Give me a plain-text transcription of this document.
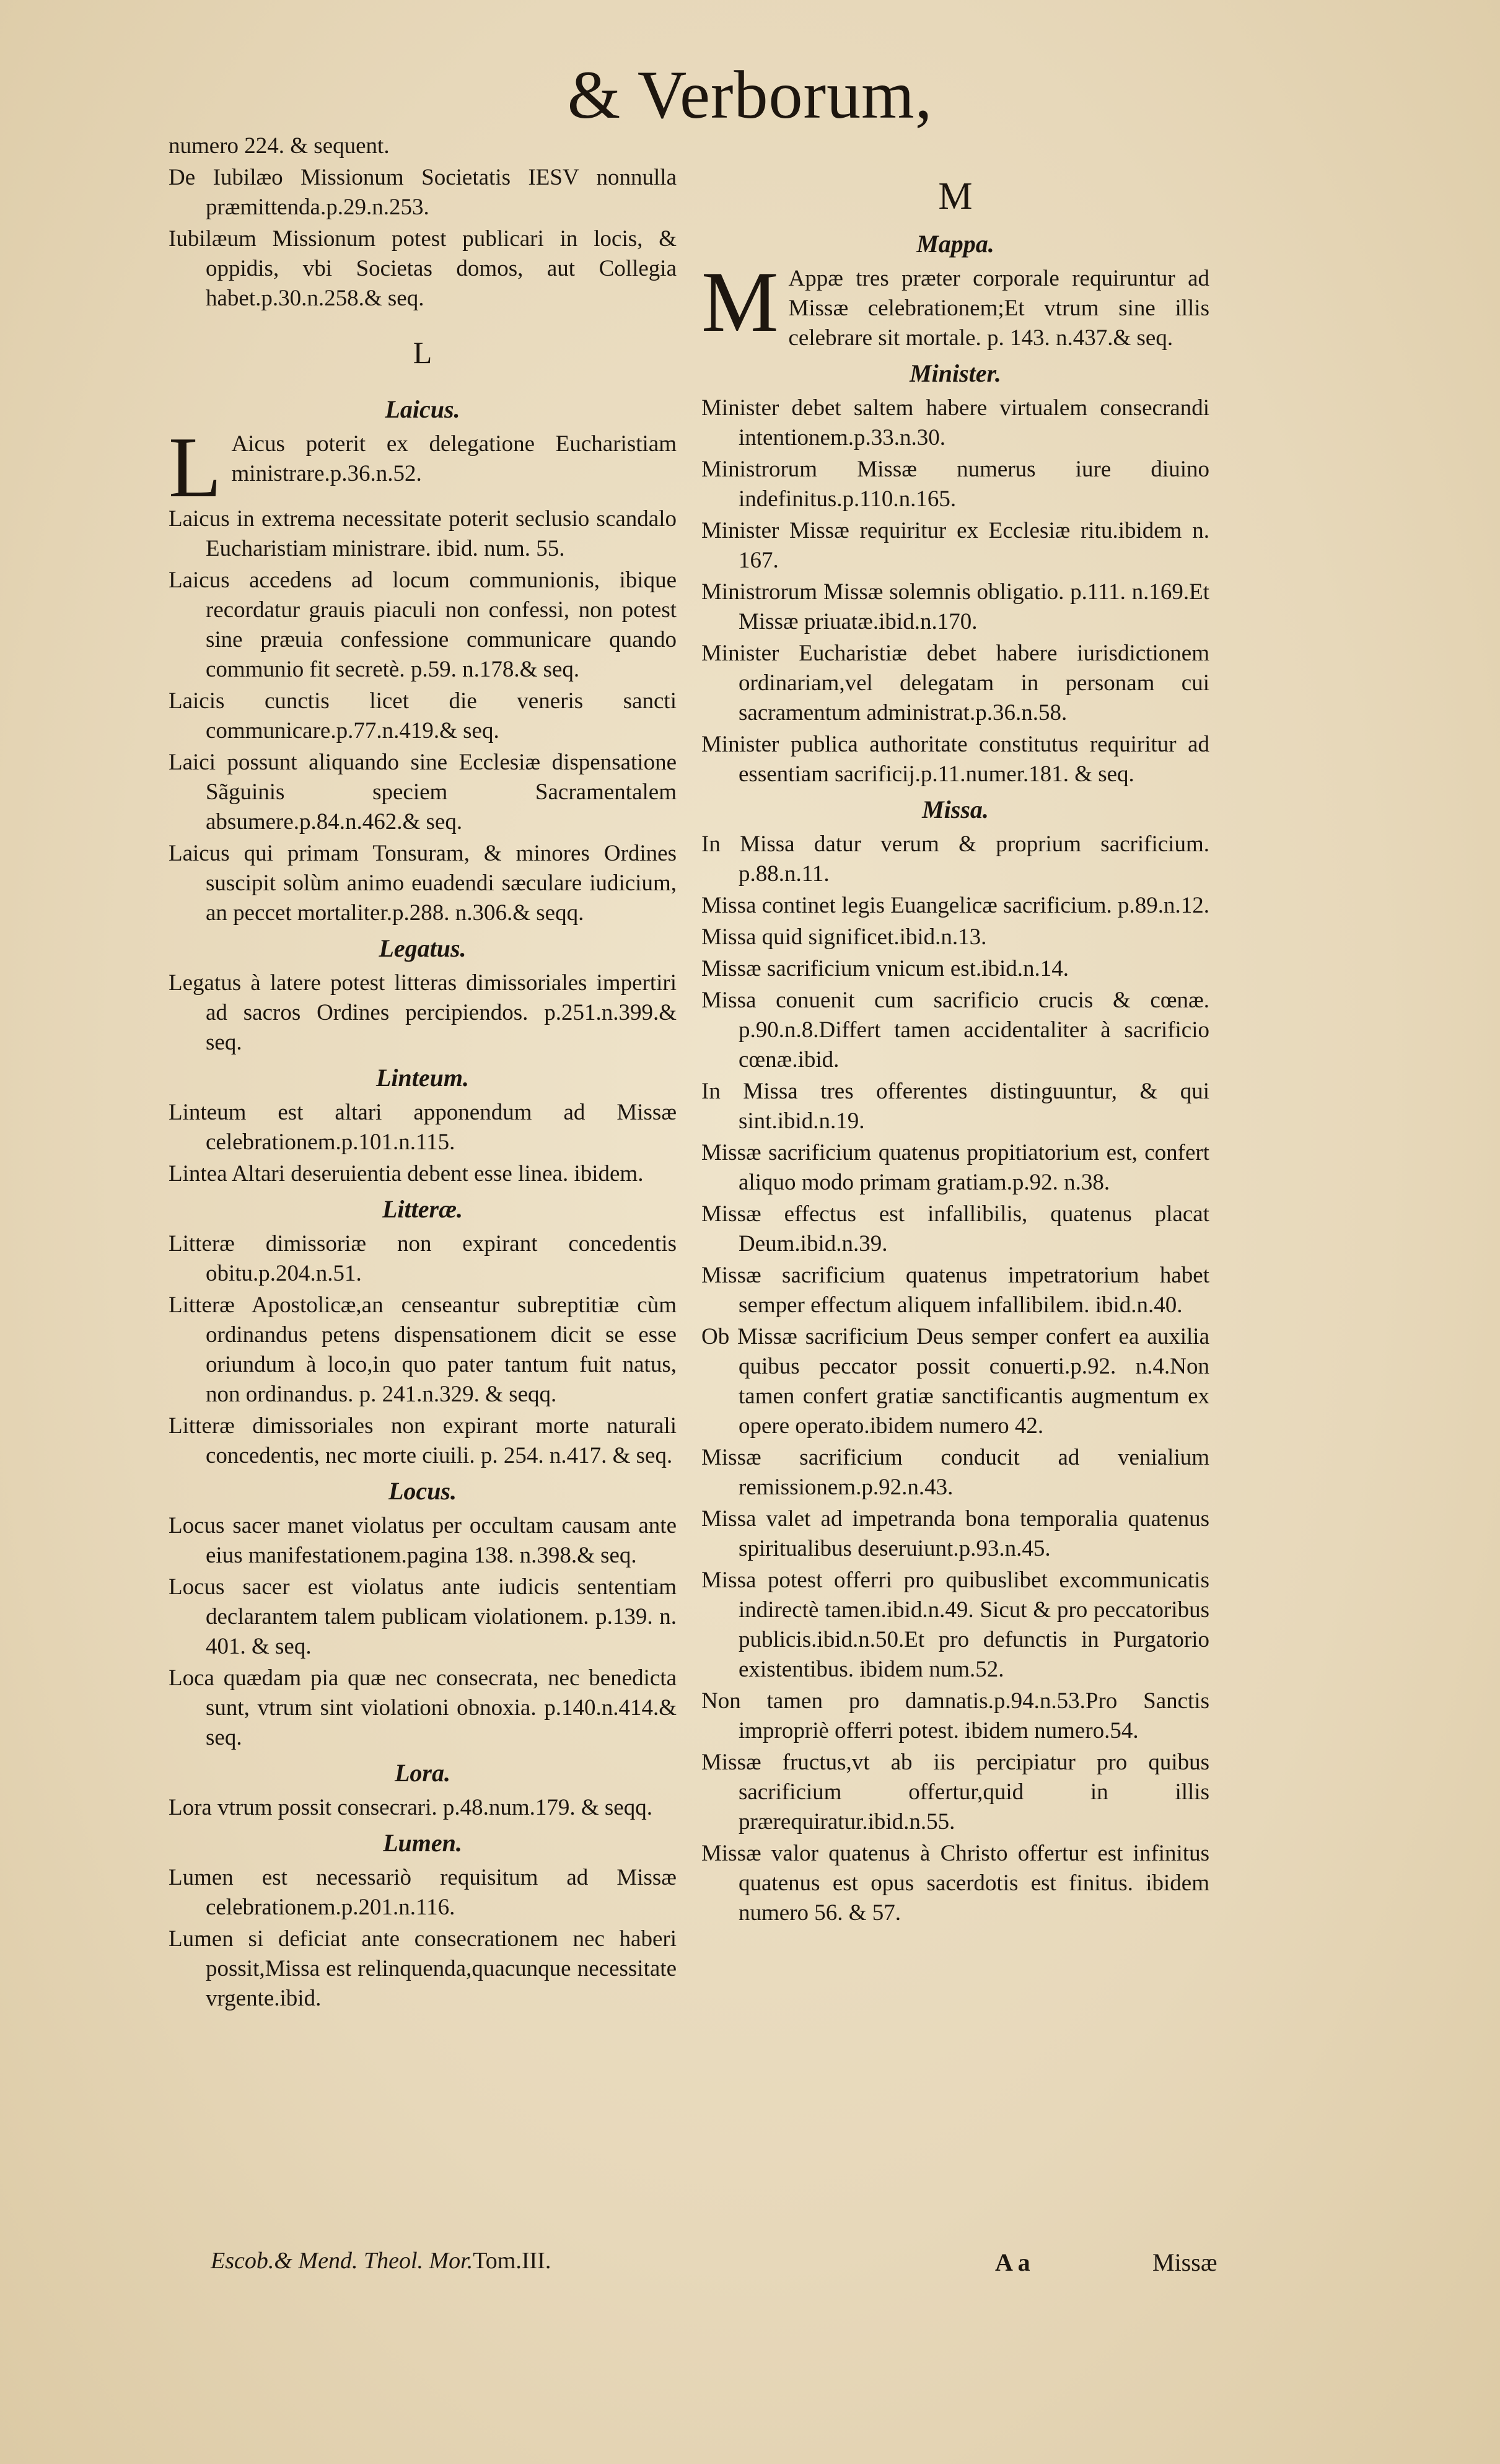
& Verborum,
numero 224. & sequent.
De Iubilæo Missionum Societatis IESV nonnulla præmittenda.p.29.n.253.
Iubilæum Missionum potest publicari in locis, & oppidis, vbi Societas domos, aut Collegia habet.p.30.n.258.& seq.
L
Laicus.
L Aicus poterit ex delegatione Eucharistiam ministrare.p.36.n.52.
Laicus in extrema necessitate poterit seclusio scandalo Eucharistiam ministrare. ibid. num. 55.
Laicus accedens ad locum communionis, ibique recordatur grauis piaculi non confessi, non potest sine præuia confessione communicare quando communio fit secretè. p.59. n.178.& seq.
Laicis cunctis licet die veneris sancti communicare.p.77.n.419.& seq.
Laici possunt aliquando sine Ecclesiæ dispensatione Sãguinis speciem Sacramentalem absumere.p.84.n.462.& seq.
Laicus qui primam Tonsuram, & minores Ordines suscipit solùm animo euadendi sæculare iudicium, an peccet mortaliter.p.288. n.306.& seqq.
Legatus.
Legatus à latere potest litteras dimissoriales impertiri ad sacros Ordines percipiendos. p.251.n.399.& seq.
Linteum.
Linteum est altari apponendum ad Missæ celebrationem.p.101.n.115.
Lintea Altari deseruientia debent esse linea. ibidem.
Litteræ.
Litteræ dimissoriæ non expirant concedentis obitu.p.204.n.51.
Litteræ Apostolicæ,an censeantur subreptitiæ cùm ordinandus petens dispensationem dicit se esse oriundum à loco,in quo pater tantum fuit natus, non ordinandus. p. 241.n.329. & seqq.
Litteræ dimissoriales non expirant morte naturali concedentis, nec morte ciuili. p. 254. n.417. & seq.
Locus.
Locus sacer manet violatus per occultam causam ante eius manifestationem.pagina 138. n.398.& seq.
Locus sacer est violatus ante iudicis sententiam declarantem talem publicam violationem. p.139. n. 401. & seq.
Loca quædam pia quæ nec consecrata, nec benedicta sunt, vtrum sint violationi obnoxia. p.140.n.414.& seq.
Lora.
Lora vtrum possit consecrari. p.48.num.179. & seqq.
Lumen.
Lumen est necessariò requisitum ad Missæ celebrationem.p.201.n.116.
Lumen si deficiat ante consecrationem nec haberi possit,Missa est relinquenda,quacunque necessitate vrgente.ibid.
M
Mappa.
M Appæ tres præter corporale requiruntur ad Missæ celebrationem;Et vtrum sine illis celebrare sit mortale. p. 143. n.437.& seq.
Minister.
Minister debet saltem habere virtualem consecrandi intentionem.p.33.n.30.
Ministrorum Missæ numerus iure diuino indefinitus.p.110.n.165.
Minister Missæ requiritur ex Ecclesiæ ritu.ibidem n. 167.
Ministrorum Missæ solemnis obligatio. p.111. n.169.Et Missæ priuatæ.ibid.n.170.
Minister Eucharistiæ debet habere iurisdictionem ordinariam,vel delegatam in personam cui sacramentum administrat.p.36.n.58.
Minister publica authoritate constitutus requiritur ad essentiam sacrificij.p.11.numer.181. & seq.
Missa.
In Missa datur verum & proprium sacrificium. p.88.n.11.
Missa continet legis Euangelicæ sacrificium. p.89.n.12.
Missa quid significet.ibid.n.13.
Missæ sacrificium vnicum est.ibid.n.14.
Missa conuenit cum sacrificio crucis & cœnæ. p.90.n.8.Differt tamen accidentaliter à sacrificio cœnæ.ibid.
In Missa tres offerentes distinguuntur, & qui sint.ibid.n.19.
Missæ sacrificium quatenus propitiatorium est, confert aliquo modo primam gratiam.p.92. n.38.
Missæ effectus est infallibilis, quatenus placat Deum.ibid.n.39.
Missæ sacrificium quatenus impetratorium habet semper effectum aliquem infallibilem. ibid.n.40.
Ob Missæ sacrificium Deus semper confert ea auxilia quibus peccator possit conuerti.p.92. n.4.Non tamen confert gratiæ sanctificantis augmentum ex opere operato.ibidem numero 42.
Missæ sacrificium conducit ad venialium remissionem.p.92.n.43.
Missa valet ad impetranda bona temporalia quatenus spiritualibus deseruiunt.p.93.n.45.
Missa potest offerri pro quibuslibet excommunicatis indirectè tamen.ibid.n.49. Sicut & pro peccatoribus publicis.ibid.n.50.Et pro defunctis in Purgatorio existentibus. ibidem num.52.
Non tamen pro damnatis.p.94.n.53.Pro Sanctis impropriè offerri potest. ibidem numero.54.
Missæ fructus,vt ab iis percipiatur pro quibus sacrificium offertur,quid in illis prærequiratur.ibid.n.55.
Missæ valor quatenus à Christo offertur est infinitus quatenus est opus sacerdotis est finitus. ibidem numero 56. & 57.
Escob.& Mend. Theol. Mor.Tom.III.	A a	Missæ
